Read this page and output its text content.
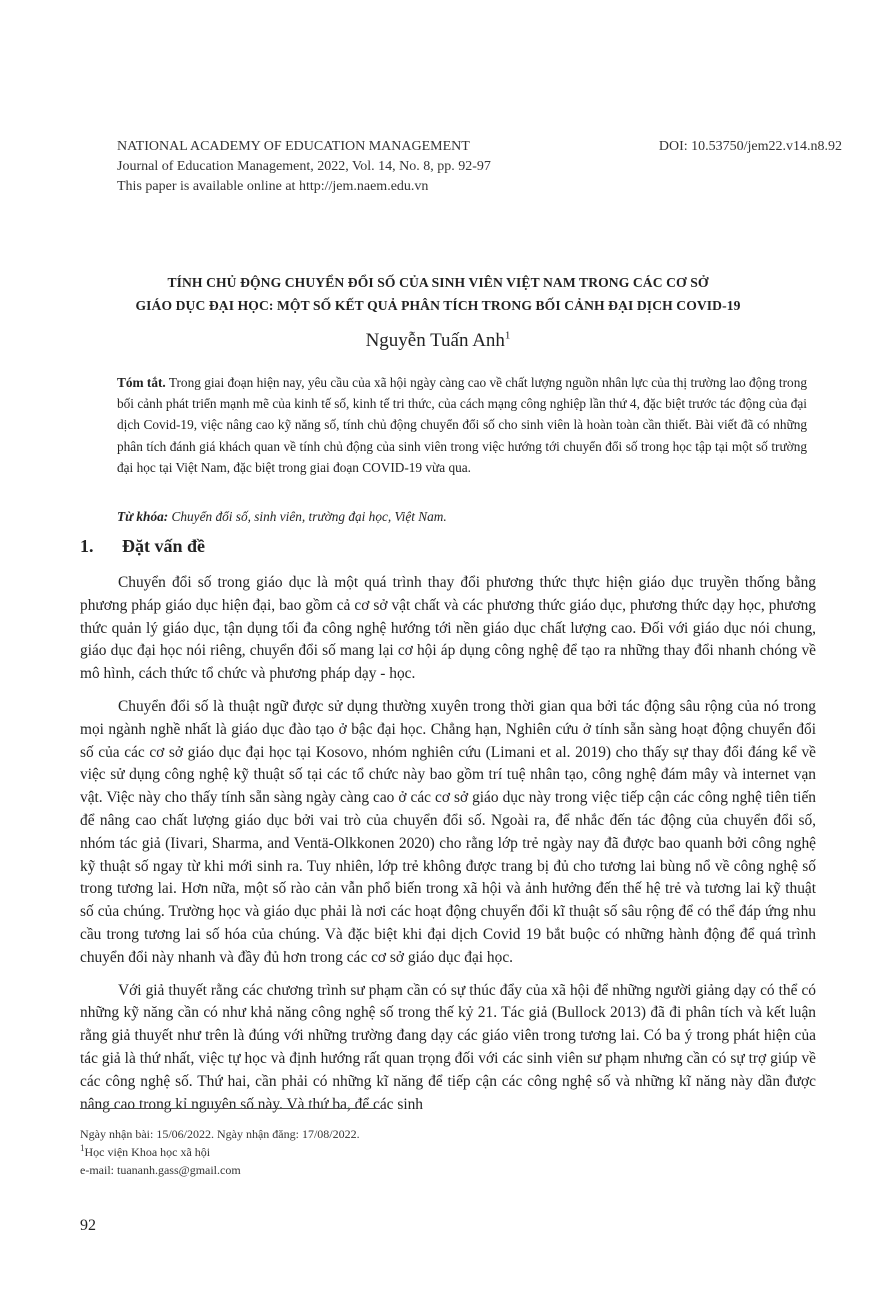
NATIONAL ACADEMY OF EDUCATION MANAGEMENT	DOI: 10.53750/jem22.v14.n8.92
Journal of Education Management, 2022, Vol. 14, No. 8, pp. 92-97
This paper is available online at http://jem.naem.edu.vn
TÍNH CHỦ ĐỘNG CHUYỂN ĐỔI SỐ CỦA SINH VIÊN VIỆT NAM TRONG CÁC CƠ SỞ
GIÁO DỤC ĐẠI HỌC: MỘT SỐ KẾT QUẢ PHÂN TÍCH TRONG BỐI CẢNH ĐẠI DỊCH COVID-19
Nguyễn Tuấn Anh$^1$
Tóm tắt. Trong giai đoạn hiện nay, yêu cầu của xã hội ngày càng cao về chất lượng nguồn nhân lực của thị trường lao động trong bối cảnh phát triển mạnh mẽ của kinh tế số, kinh tế tri thức, của cách mạng công nghiệp lần thứ 4, đặc biệt trước tác động của đại dịch Covid-19, việc nâng cao kỹ năng số, tính chủ động chuyển đổi số cho sinh viên là hoàn toàn cần thiết. Bài viết đã có những phân tích đánh giá khách quan về tính chủ động của sinh viên trong việc hướng tới chuyển đổi số trong học tập tại một số trường đại học tại Việt Nam, đặc biệt trong giai đoạn COVID-19 vừa qua.
Từ khóa: Chuyển đổi số, sinh viên, trường đại học, Việt Nam.
1. Đặt vấn đề

Chuyển đổi số trong giáo dục là một quá trình thay đổi phương thức thực hiện giáo dục truyền thống bằng phương pháp giáo dục hiện đại, bao gồm cả cơ sở vật chất và các phương thức giáo dục, phương thức dạy học, phương thức quản lý giáo dục, tận dụng tối đa công nghệ hướng tới nền giáo dục chất lượng cao. Đối với giáo dục nói chung, giáo dục đại học nói riêng, chuyển đổi số mang lại cơ hội áp dụng công nghệ để tạo ra những thay đổi nhanh chóng về mô hình, cách thức tổ chức và phương pháp dạy - học.

Chuyển đổi số là thuật ngữ được sử dụng thường xuyên trong thời gian qua bởi tác động sâu rộng của nó trong mọi ngành nghề nhất là giáo dục đào tạo ở bậc đại học. Chẳng hạn, Nghiên cứu ở tính sẵn sàng hoạt động chuyển đổi số của các cơ sở giáo dục đại học tại Kosovo, nhóm nghiên cứu (Limani et al. 2019) cho thấy sự thay đổi đáng kể về việc sử dụng công nghệ kỹ thuật số tại các tổ chức này bao gồm trí tuệ nhân tạo, công nghệ đám mây và internet vạn vật. Việc này cho thấy tính sẵn sàng ngày càng cao ở các cơ sở giáo dục này trong việc tiếp cận các công nghệ tiên tiến để nâng cao chất lượng giáo dục bởi vai trò của chuyển đổi số. Ngoài ra, để nhắc đến tác động của chuyển đổi số, nhóm tác giả (Iivari, Sharma, and Ventä-Olkkonen 2020) cho rằng lớp trẻ ngày nay đã được bao quanh bởi công nghệ kỹ thuật số ngay từ khi mới sinh ra. Tuy nhiên, lớp trẻ không được trang bị đủ cho tương lai bùng nổ về công nghệ số trong tương lai. Hơn nữa, một số rào cản vẫn phổ biến trong xã hội và ảnh hưởng đến thế hệ trẻ và tương lai kỹ thuật số của chúng. Trường học và giáo dục phải là nơi các hoạt động chuyển đổi kĩ thuật số sâu rộng để có thể đáp ứng nhu cầu trong tương lai số hóa của chúng. Và đặc biệt khi đại dịch Covid 19 bắt buộc có những hành động để quá trình chuyển đổi này nhanh và đầy đủ hơn trong các cơ sở giáo dục đại học.

Với giả thuyết rằng các chương trình sư phạm cần có sự thúc đẩy của xã hội để những người giảng dạy có thể có những kỹ năng cần có như khả năng công nghệ số trong thế kỷ 21. Tác giả (Bullock 2013) đã đi phân tích và kết luận rằng giả thuyết như trên là đúng với những trường đang dạy các giáo viên trong tương lai. Có ba ý trong phát hiện của tác giả là thứ nhất, việc tự học và định hướng rất quan trọng đối với các sinh viên sư phạm nhưng cần có sự trợ giúp về các công nghệ số. Thứ hai, cần phải có những kĩ năng để tiếp cận các công nghệ số và những kĩ năng này dần được nâng cao trong kỉ nguyên số này. Và thứ ba, để các sinh

Ngày nhận bài: 15/06/2022. Ngày nhận đăng: 17/08/2022.
$^1$Học viện Khoa học xã hội
e-mail: tuananh.gass@gmail.com
92
